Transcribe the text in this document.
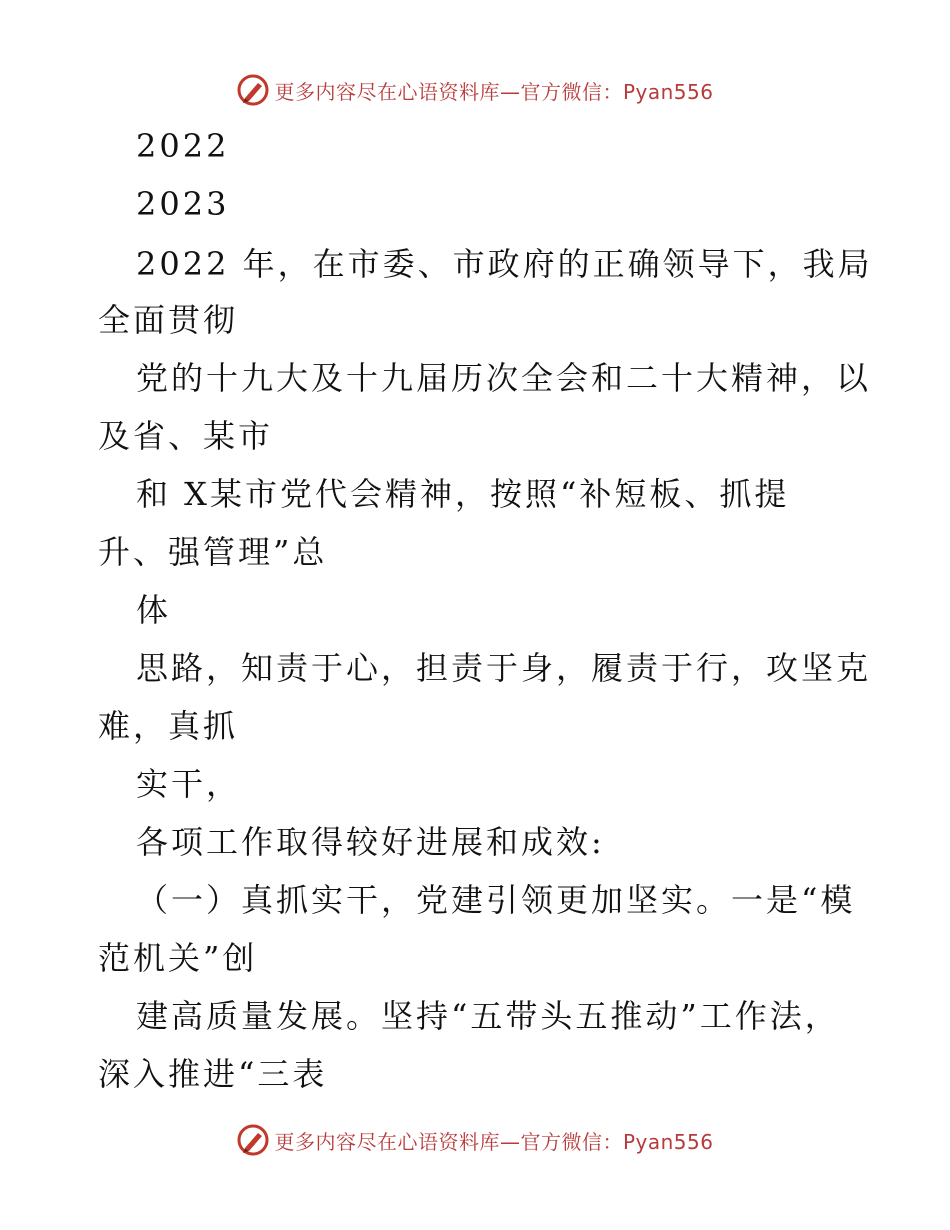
更多内容尽在心语资料库—官方微信：Pyan556
2022
2023
2022 年，在市委、市政府的正确领导下，我局
全面贯彻
党的十九大及十九届历次全会和二十大精神，以
及省、某市
和 X某市党代会精神，按照“补短板、抓提
升、强管理”总
体
思路，知责于心，担责于身，履责于行，攻坚克
难，真抓
实干，
各项工作取得较好进展和成效:
（一）真抓实干，党建引领更加坚实。一是“模
范机关”创
建高质量发展。坚持“五带头五推动”工作法，
深入推进“三表
更多内容尽在心语资料库—官方微信：Pyan556
